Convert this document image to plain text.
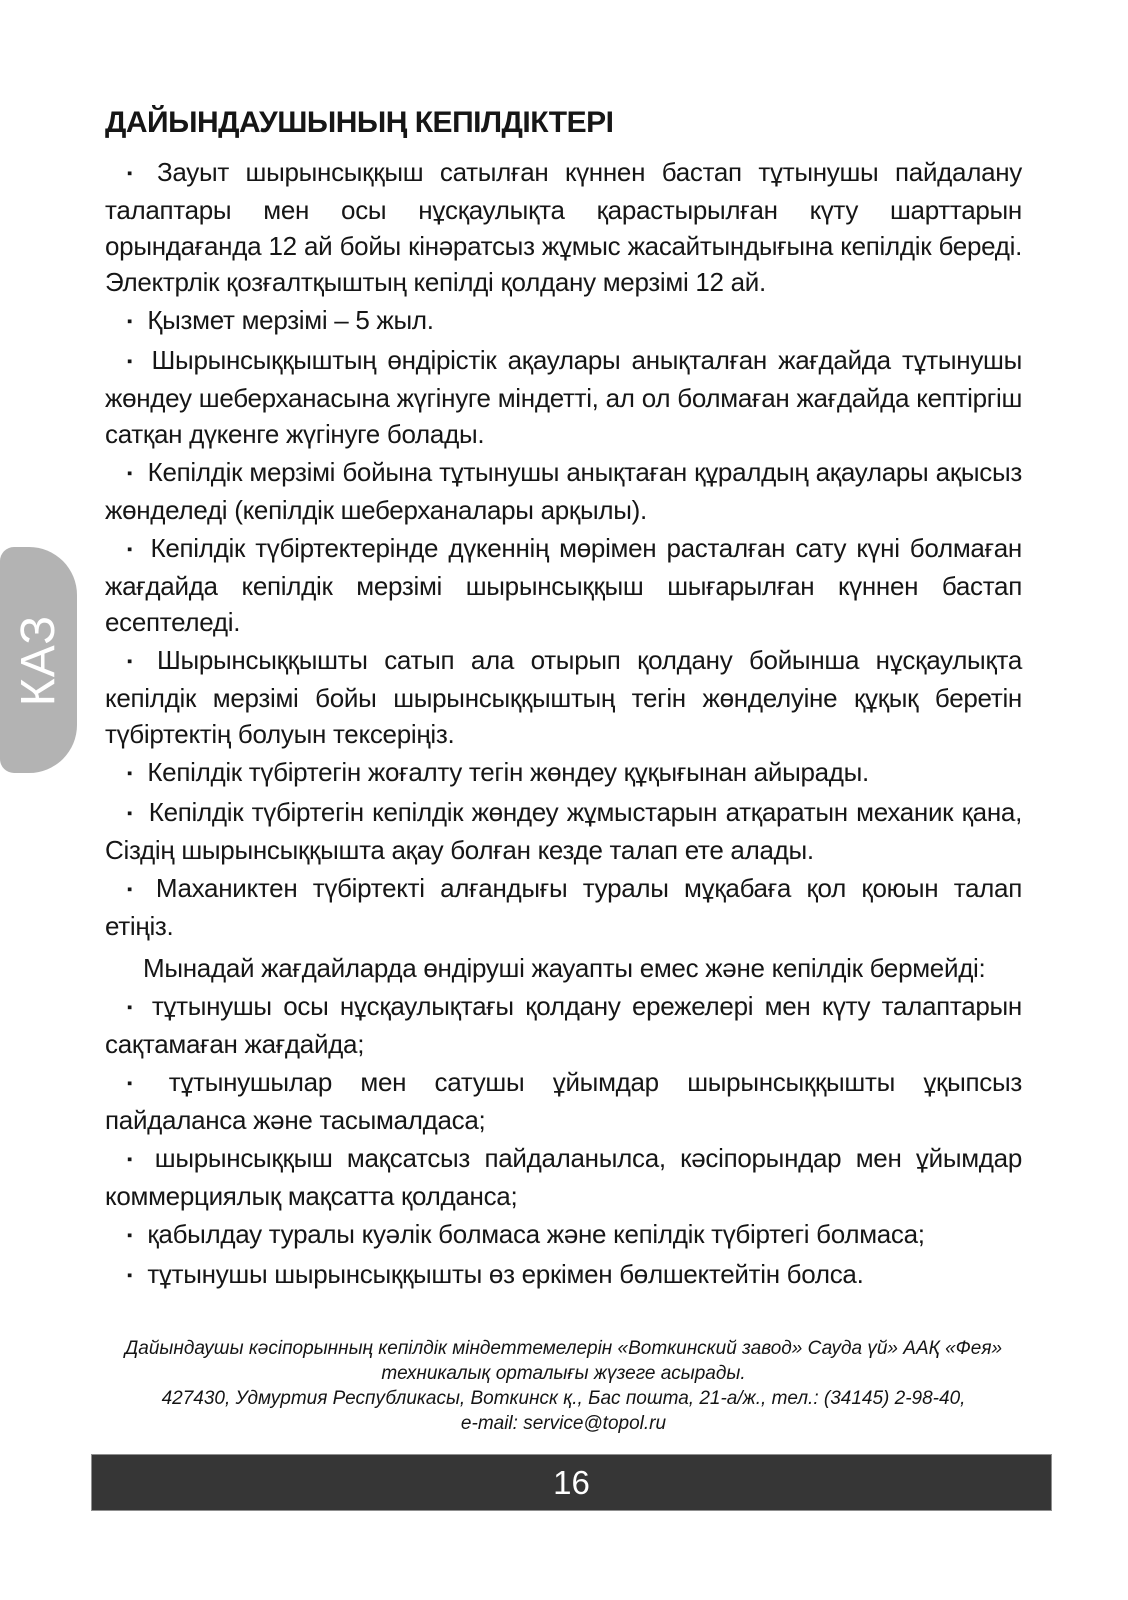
КАЗ
ДАЙЫНДАУШЫНЫҢ КЕПІЛДІКТЕРІ

▪ Зауыт шырынсыққыш сатылған күннен бастап тұтынушы пайдалану талаптары мен осы нұсқаулықта қарастырылған күту шарттарын орындағанда 12 ай бойы кінәратсыз жұмыс жасайтындығына кепілдік береді. Электрлік қозғалтқыштың кепілді қолдану мерзімі 12 ай.

▪ Қызмет мерзімі – 5 жыл.

▪ Шырынсыққыштың өндірістік ақаулары анықталған жағдайда тұтынушы жөндеу шеберханасына жүгінуге міндетті, ал ол болмаған жағдайда кептіргіш сатқан дүкенге жүгінуге болады.

▪ Кепілдік мерзімі бойына тұтынушы анықтаған құралдың ақаулары ақысыз жөнделеді (кепілдік шеберханалары арқылы).

▪ Кепілдік түбіртектерінде дүкеннің мөрімен расталған сату күні болмаған жағдайда кепілдік мерзімі шырынсыққыш шығарылған күннен бастап есептеледі.

▪ Шырынсыққышты сатып ала отырып қолдану бойынша нұсқаулықта кепілдік мерзімі бойы шырынсыққыштың тегін жөнделуіне құқық беретін түбіртектің болуын тексеріңіз.

▪ Кепілдік түбіртегін жоғалту тегін жөндеу құқығынан айырады.

▪ Кепілдік түбіртегін кепілдік жөндеу жұмыстарын атқаратын механик қана, Сіздің шырынсыққышта ақау болған кезде талап ете алады.

▪ Маханиктен түбіртекті алғандығы туралы мұқабаға қол қоюын талап етіңіз.

Мынадай жағдайларда өндіруші жауапты емес және кепілдік бермейді:

▪ тұтынушы осы нұсқаулықтағы қолдану ережелері мен күту талаптарын сақтамаған жағдайда;

▪ тұтынушылар мен сатушы ұйымдар шырынсыққышты ұқыпсыз пайдаланса және тасымалдаса;

▪ шырынсыққыш мақсатсыз пайдаланылса, кәсіпорындар мен ұйымдар коммерциялық мақсатта қолданса;

▪ қабылдау туралы куәлік болмаса және кепілдік түбіртегі болмаса;

▪ тұтынушы шырынсыққышты өз еркімен бөлшектейтін болса.

Дайындаушы кәсіпорынның кепілдік міндеттемелерін «Воткинский завод» Сауда үй» ААҚ «Фея»
техникалық орталығы жүзеге асырады.
427430, Удмуртия Республикасы, Воткинск қ., Бас пошта, 21-а/ж., тел.: (34145) 2-98-40,
e-mail: service@topol.ru
16
